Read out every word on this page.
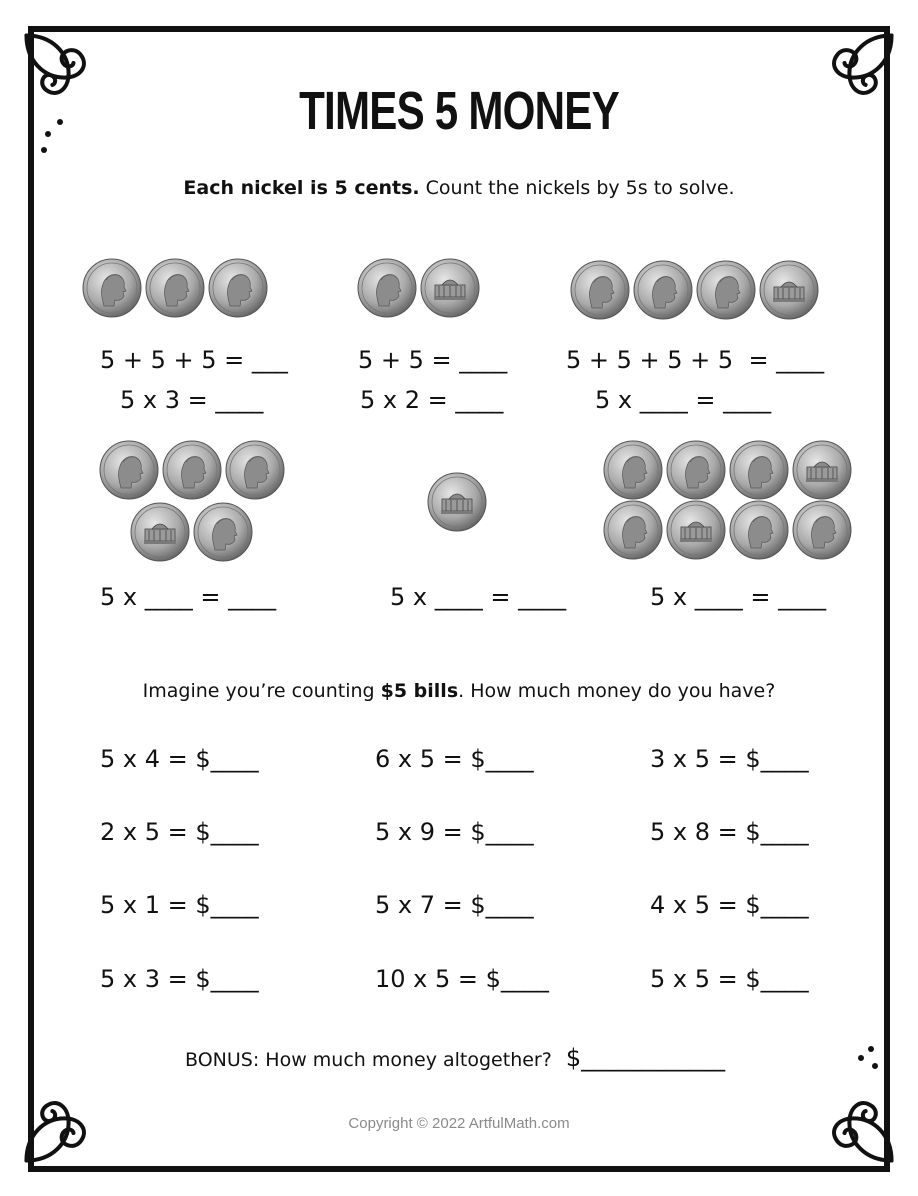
TIMES 5 MONEY
Each nickel is 5 cents. Count the nickels by 5s to solve.
5 + 5 + 5 = ___
5 x 3 = ____
5 + 5 = ____
5 x 2 = ____
5 + 5 + 5 + 5  = ____
5 x ____ = ____
5 x ____ = ____	5 x ____ = ____	5 x ____ = ____
Imagine you’re counting $5 bills. How much money do you have?
5 x 4 = $____	6 x 5 = $____	3 x 5 = $____
2 x 5 = $____	5 x 9 = $____	5 x 8 = $____
5 x 1 = $____	5 x 7 = $____	4 x 5 = $____
5 x 3 = $____	10 x 5 = $____	5 x 5 = $____
BONUS: How much money altogether? $____________
Copyright © 2022 ArtfulMath.com
